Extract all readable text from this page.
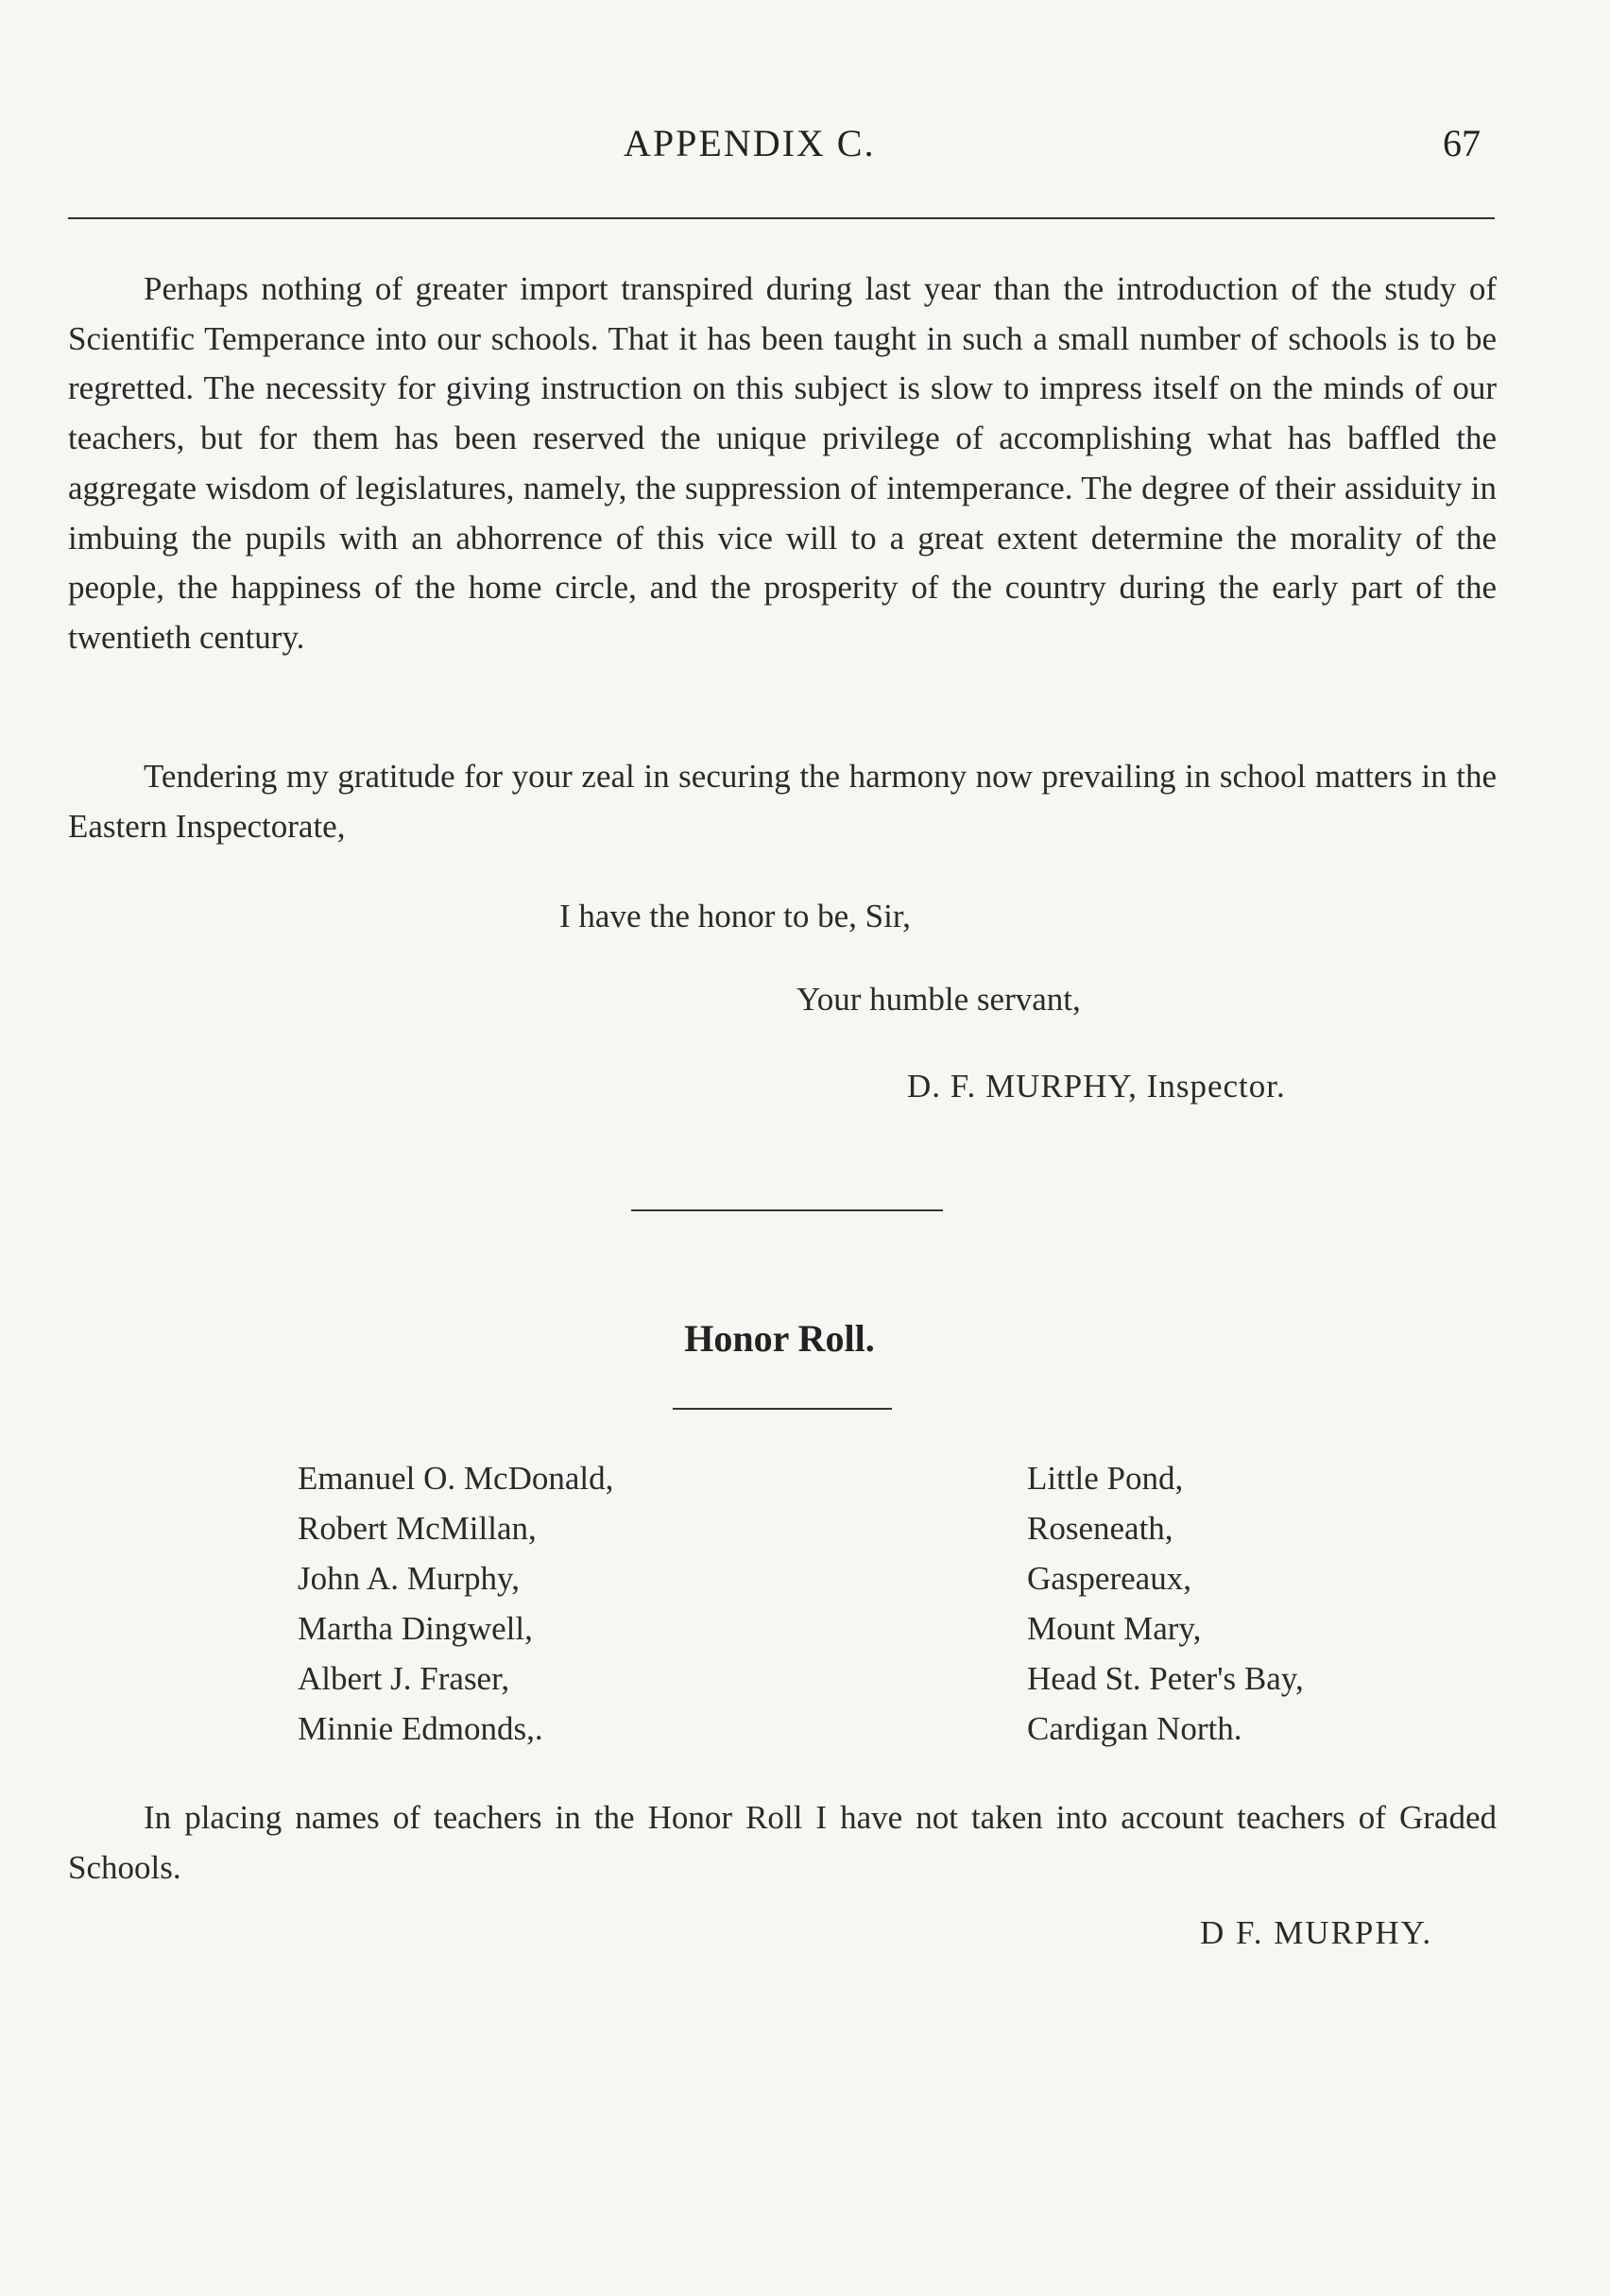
APPENDIX C.	67

Perhaps nothing of greater import transpired during last year than the introduction of the study of Scientific Temperance into our schools. That it has been taught in such a small number of schools is to be regretted. The necessity for giving instruction on this subject is slow to impress itself on the minds of our teachers, but for them has been reserved the unique privilege of accomplishing what has baffled the aggregate wisdom of legislatures, namely, the suppression of intemperance. The degree of their assiduity in imbuing the pupils with an abhorrence of this vice will to a great extent determine the morality of the people, the happiness of the home circle, and the prosperity of the country during the early part of the twentieth century.

Tendering my gratitude for your zeal in securing the harmony now prevailing in school matters in the Eastern Inspectorate,

I have the honor to be, Sir,
Your humble servant,
D. F. MURPHY, Inspector.
Honor Roll.
Emanuel O. McDonald,
Robert McMillan,
John A. Murphy,
Martha Dingwell,
Albert J. Fraser,
Minnie Edmonds,.
Little Pond,
Roseneath,
Gaspereaux,
Mount Mary,
Head St. Peter's Bay,
Cardigan North.

In placing names of teachers in the Honor Roll I have not taken into account teachers of Graded Schools.

D F. MURPHY.
